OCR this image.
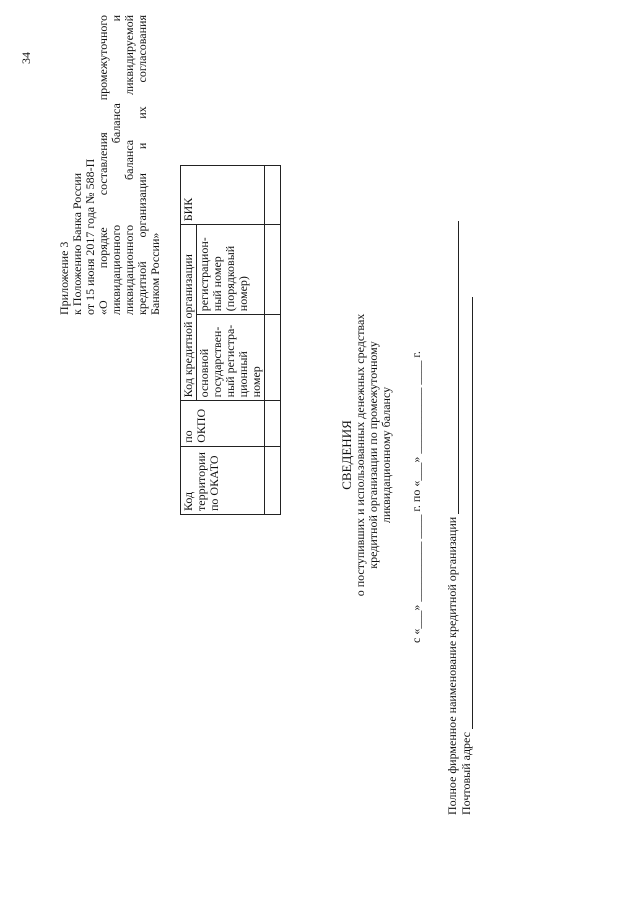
34
Приложение 3 к Положению Банка России от 15 июня 2017 года № 588-П «О порядке составления промежуточного ликвидационного баланса и ликвидационного баланса ликвидируемой кредитной организации и их согласования Банком России»
Код территории по ОКАТО	по ОКПО	Код кредитной организации		БИК
		основной государствен-ный регистра-ционный номер	регистрацион-ный номер (порядковый номер)	

СВЕДЕНИЯ о поступивших и использованных денежных средствах кредитной организации по промежуточному ликвидационному балансу с «___» __________ ____ г. по «___» ___________ ____ г.
Полное фирменное наименование кредитной организации Почтовый адрес
